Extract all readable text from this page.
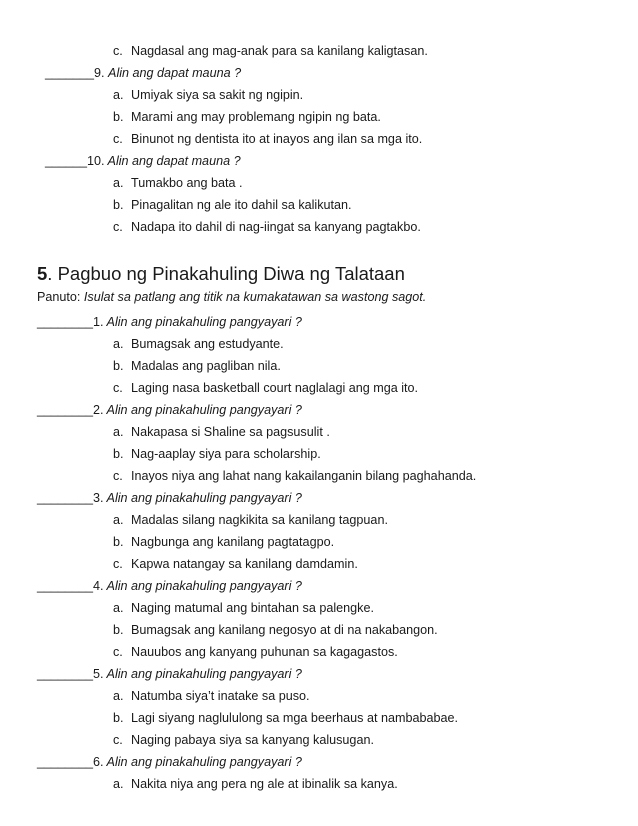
c. Nagdasal ang mag-anak para sa kanilang kaligtasan.
_______9. Alin ang dapat mauna ?
a. Umiyak siya sa sakit ng ngipin.
b. Marami ang may problemang ngipin ng bata.
c. Binunot ng dentista ito at inayos ang ilan sa mga ito.
______10. Alin ang dapat mauna ?
a. Tumakbo ang bata .
b. Pinagalitan ng ale ito dahil sa kalikutan.
c. Nadapa ito dahil di nag-iingat sa kanyang pagtakbo.
5. Pagbuo ng Pinakahuling Diwa ng Talataan
Panuto: Isulat sa patlang ang titik na kumakatawan sa wastong sagot.
________1. Alin ang pinakahuling pangyayari ?
a. Bumagsak ang estudyante.
b. Madalas ang pagliban nila.
c. Laging nasa basketball court naglalagi ang mga ito.
________2. Alin ang pinakahuling pangyayari ?
a. Nakapasa si Shaline sa pagsusulit .
b. Nag-aaplay siya para scholarship.
c. Inayos niya ang lahat nang kakailanganin bilang paghahanda.
________3. Alin ang pinakahuling pangyayari ?
a. Madalas silang nagkikita sa kanilang tagpuan.
b. Nagbunga ang kanilang pagtatagpo.
c. Kapwa natangay sa kanilang damdamin.
________4. Alin ang pinakahuling pangyayari ?
a. Naging matumal ang bintahan sa palengke.
b. Bumagsak ang kanilang negosyo at di na nakabangon.
c. Nauubos ang kanyang puhunan sa kagagastos.
________5. Alin ang pinakahuling pangyayari ?
a. Natumba siya’t inatake sa puso.
b. Lagi siyang naglululong sa mga beerhaus at nambababae.
c. Naging pabaya siya sa kanyang kalusugan.
________6. Alin ang pinakahuling pangyayari ?
a. Nakita niya ang pera ng ale at ibinalik sa kanya.
